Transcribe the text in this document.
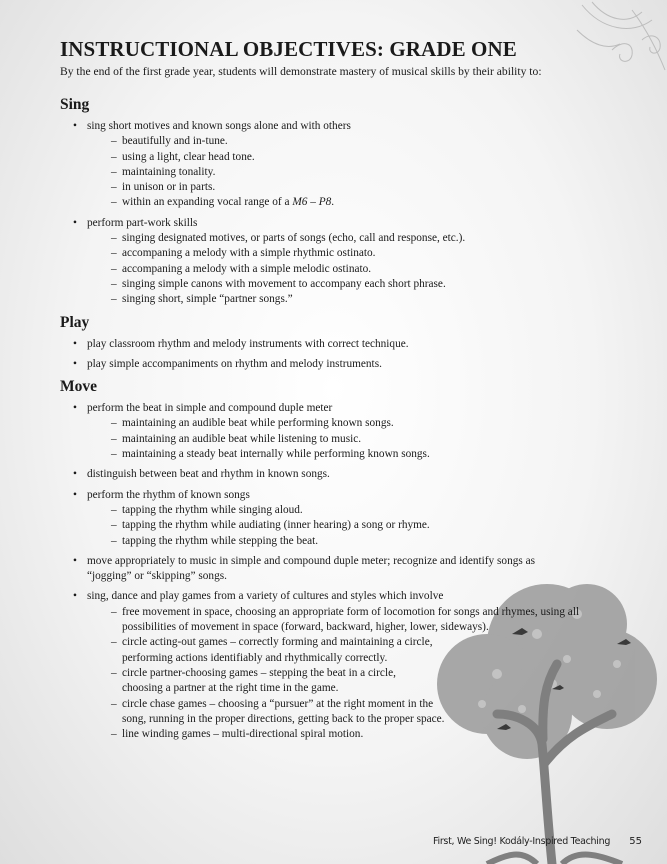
INSTRUCTIONAL OBJECTIVES: GRADE ONE

By the end of the first grade year, students will demonstrate mastery of musical skills by their ability to:

Sing
• sing short motives and known songs alone and with others
– beautifully and in-tune.
– using a light, clear head tone.
– maintaining tonality.
– in unison or in parts.
– within an expanding vocal range of a M6 – P8.
• perform part-work skills
– singing designated motives, or parts of songs (echo, call and response, etc.).
– accompaning a melody with a simple rhythmic ostinato.
– accompaning a melody with a simple melodic ostinato.
– singing simple canons with movement to accompany each short phrase.
– singing short, simple “partner songs.”
Play
• play classroom rhythm and melody instruments with correct technique.
• play simple accompaniments on rhythm and melody instruments.
Move
• perform the beat in simple and compound duple meter
– maintaining an audible beat while performing known songs.
– maintaining an audible beat while listening to music.
– maintaining a steady beat internally while performing known songs.
• distinguish between beat and rhythm in known songs.
• perform the rhythm of known songs
– tapping the rhythm while singing aloud.
– tapping the rhythm while audiating (inner hearing) a song or rhyme.
– tapping the rhythm while stepping the beat.
• move appropriately to music in simple and compound duple meter; recognize and identify songs as
“jogging” or “skipping” songs.
• sing, dance and play games from a variety of cultures and styles which involve
– free movement in space, choosing an appropriate form of locomotion for songs and rhymes, using all
possibilities of movement in space (forward, backward, higher, lower, sideways).
– circle acting-out games – correctly forming and maintaining a circle,
performing actions identifiably and rhythmically correctly.
– circle partner-choosing games – stepping the beat in a circle,
choosing a partner at the right time in the game.
– circle chase games – choosing a “pursuer” at the right moment in the
song, running in the proper directions, getting back to the proper space.
– line winding games – multi-directional spiral motion.
First, We Sing! Kodály-Inspired Teaching 55
